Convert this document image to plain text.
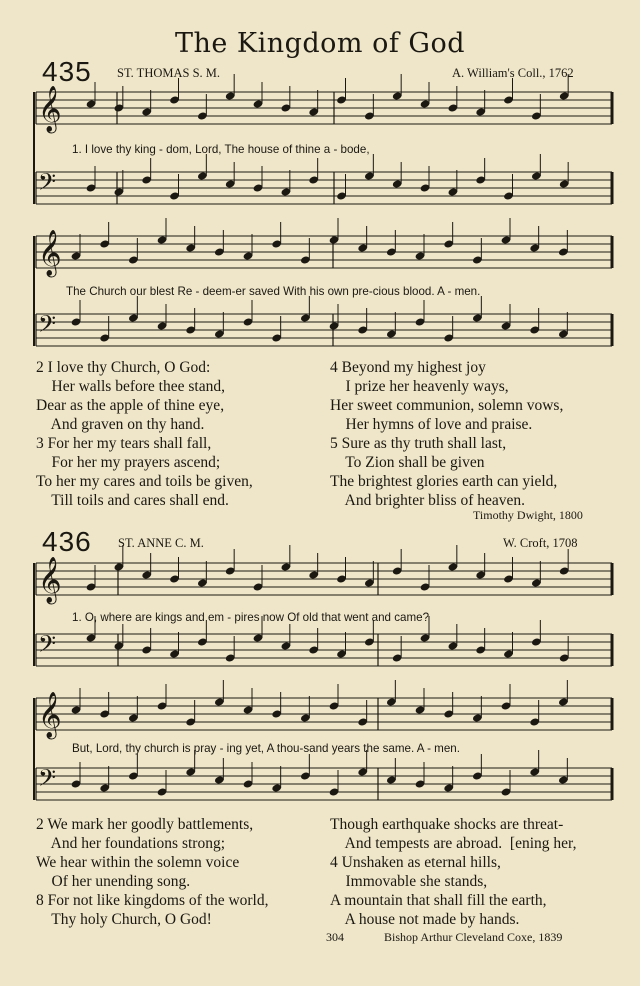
The Kingdom of God
𝄞
𝄢
𝄞
𝄢
𝄞
𝄢
𝄞
𝄢
435 ST. THOMAS S. M.	A. William's Coll., 1762
1. I love thy king - dom, Lord, The house of thine a - bode,
The Church our blest Re - deem-er saved With his own pre-cious blood. A - men.
2 I love thy Church, O God:
Her walls before thee stand,
Dear as the apple of thine eye,
And graven on thy hand.
3 For her my tears shall fall,
For her my prayers ascend;
To her my cares and toils be given,
Till toils and cares shall end.
4 Beyond my highest joy
I prize her heavenly ways,
Her sweet communion, solemn vows,
Her hymns of love and praise.
5 Sure as thy truth shall last,
To Zion shall be given
The brightest glories earth can yield,
And brighter bliss of heaven.
Timothy Dwight, 1800
436 ST. ANNE C. M.	W. Croft, 1708
1. O, where are kings and em - pires now Of old that went and came?
But, Lord, thy church is pray - ing yet, A thou-sand years the same. A - men.
2 We mark her goodly battlements,
And her foundations strong;
We hear within the solemn voice
Of her unending song.
8 For not like kingdoms of the world,
Thy holy Church, O God!
Though earthquake shocks are threat-
And tempests are abroad.  [ening her,
4 Unshaken as eternal hills,
Immovable she stands,
A mountain that shall fill the earth,
A house not made by hands.
304	Bishop Arthur Cleveland Coxe, 1839
